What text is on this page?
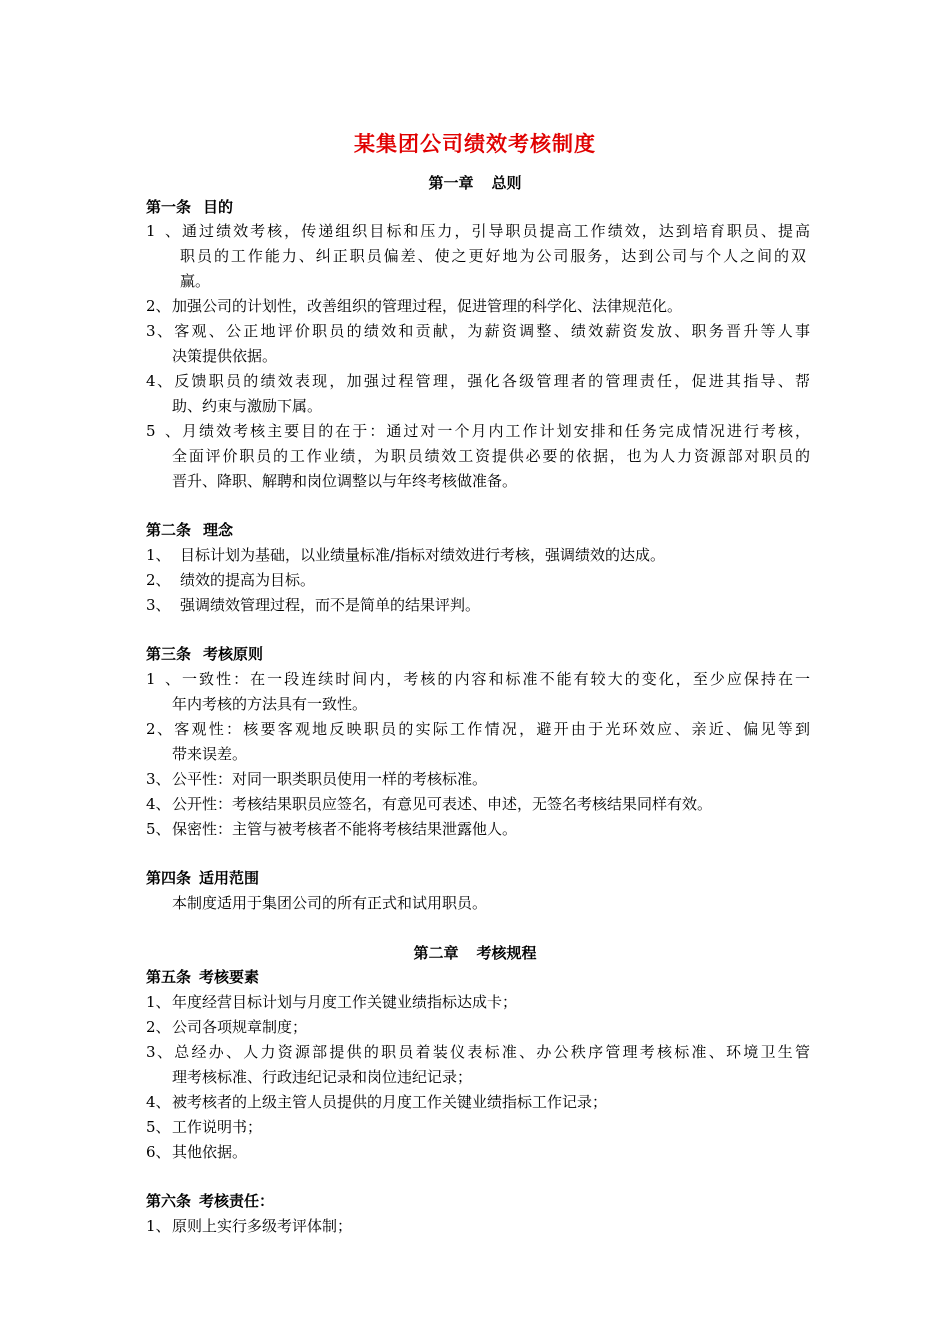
某集团公司绩效考核制度
第一章 总则
第一条 目的
1、通过绩效考核，传递组织目标和压力，引导职员提高工作绩效，达到培育职员、提高
职员的工作能力、纠正职员偏差、使之更好地为公司服务，达到公司与个人之间的双
赢。
2、加强公司的计划性，改善组织的管理过程，促进管理的科学化、法律规范化。
3、客观、公正地评价职员的绩效和贡献，为薪资调整、绩效薪资发放、职务晋升等人事
决策提供依据。
4、反馈职员的绩效表现，加强过程管理，强化各级管理者的管理责任，促进其指导、帮
助、约束与激励下属。
5、月绩效考核主要目的在于：通过对一个月内工作计划安排和任务完成情况进行考核，
全面评价职员的工作业绩，为职员绩效工资提供必要的依据，也为人力资源部对职员的
晋升、降职、解聘和岗位调整以与年终考核做准备。
第二条 理念
1、 目标计划为基础，以业绩量标准/指标对绩效进行考核，强调绩效的达成。
2、 绩效的提高为目标。
3、 强调绩效管理过程，而不是简单的结果评判。
第三条 考核原则
1、一致性：在一段连续时间内，考核的内容和标准不能有较大的变化，至少应保持在一
年内考核的方法具有一致性。
2、客观性：核要客观地反映职员的实际工作情况，避开由于光环效应、亲近、偏见等到
带来误差。
3、公平性：对同一职类职员使用一样的考核标准。
4、公开性：考核结果职员应签名，有意见可表述、申述，无签名考核结果同样有效。
5、保密性：主管与被考核者不能将考核结果泄露他人。
第四条 适用范围
本制度适用于集团公司的所有正式和试用职员。
第二章 考核规程
第五条 考核要素
1、年度经营目标计划与月度工作关键业绩指标达成卡；
2、公司各项规章制度；
3、总经办、人力资源部提供的职员着装仪表标准、办公秩序管理考核标准、环境卫生管
理考核标准、行政违纪记录和岗位违纪记录；
4、被考核者的上级主管人员提供的月度工作关键业绩指标工作记录；
5、工作说明书；
6、其他依据。
第六条 考核责任：
1、原则上实行多级考评体制；
